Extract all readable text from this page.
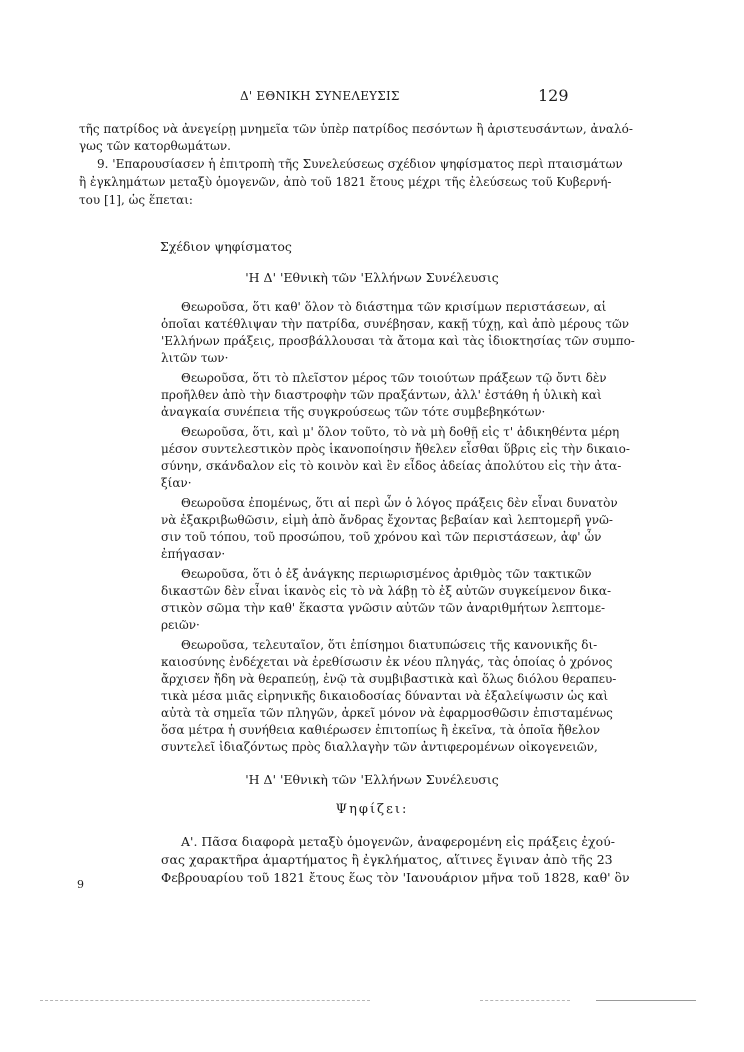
Δ' ΕΘΝΙΚΗ ΣΥΝΕΛΕΥΣΙΣ	129
τῆς πατρίδος νὰ ἀνεγείρῃ μνημεῖα τῶν ὑπὲρ πατρίδος πεσόντων ἢ ἀριστευσάντων, ἀναλό-
γως τῶν κατορθωμάτων.
9. 'Επαρουσίασεν ἡ ἐπιτροπὴ τῆς Συνελεύσεως σχέδιον ψηφίσματος περὶ πταισμάτων
ἢ ἐγκλημάτων μεταξὺ ὁμογενῶν, ἀπὸ τοῦ 1821 ἔτους μέχρι τῆς ἐλεύσεως τοῦ Κυβερνή-
του [1], ὡς ἕπεται:
Σχέδιον ψηφίσματος
'Η Δ' 'Εθνικὴ τῶν 'Ελλήνων Συνέλευσις
Θεωροῦσα, ὅτι καθ' ὅλον τὸ διάστημα τῶν κρισίμων περιστάσεων, αἱ
ὁποῖαι κατέθλιψαν τὴν πατρίδα, συνέβησαν, κακῇ τύχῃ, καὶ ἀπὸ μέρους τῶν
'Ελλήνων πράξεις, προσβάλλουσαι τὰ ἄτομα καὶ τὰς ἰδιοκτησίας τῶν συμπο-
λιτῶν των·
Θεωροῦσα, ὅτι τὸ πλεῖστον μέρος τῶν τοιούτων πράξεων τῷ ὄντι δὲν
προῆλθεν ἀπὸ τὴν διαστροφὴν τῶν πραξάντων, ἀλλ' ἐστάθη ἡ ὑλικὴ καὶ
ἀναγκαία συνέπεια τῆς συγκρούσεως τῶν τότε συμβεβηκότων·
Θεωροῦσα, ὅτι, καὶ μ' ὅλον τοῦτο, τὸ νὰ μὴ δοθῇ εἰς τ' ἀδικηθέντα μέρη
μέσον συντελεστικὸν πρὸς ἱκανοποίησιν ἤθελεν εἶσθαι ὕβρις εἰς τὴν δικαιο-
σύνην, σκάνδαλον εἰς τὸ κοινὸν καὶ ἓν εἶδος ἀδείας ἀπολύτου εἰς τὴν ἀτα-
ξίαν·
Θεωροῦσα ἐπομένως, ὅτι αἱ περὶ ὧν ὁ λόγος πράξεις δὲν εἶναι δυνατὸν
νὰ ἐξακριβωθῶσιν, εἰμὴ ἀπὸ ἄνδρας ἔχοντας βεβαίαν καὶ λεπτομερῆ γνῶ-
σιν τοῦ τόπου, τοῦ προσώπου, τοῦ χρόνου καὶ τῶν περιστάσεων, ἀφ' ὧν
ἐπήγασαν·
Θεωροῦσα, ὅτι ὁ ἐξ ἀνάγκης περιωρισμένος ἀριθμὸς τῶν τακτικῶν
δικαστῶν δὲν εἶναι ἱκανὸς εἰς τὸ νὰ λάβῃ τὸ ἐξ αὐτῶν συγκείμενον δικα-
στικὸν σῶμα τὴν καθ' ἕκαστα γνῶσιν αὐτῶν τῶν ἀναριθμήτων λεπτομε-
ρειῶν·
Θεωροῦσα, τελευταῖον, ὅτι ἐπίσημοι διατυπώσεις τῆς κανονικῆς δι-
καιοσύνης ἐνδέχεται νὰ ἐρεθίσωσιν ἐκ νέου πληγάς, τὰς ὁποίας ὁ χρόνος
ἄρχισεν ἤδη νὰ θεραπεύῃ, ἐνῷ τὰ συμβιβαστικὰ καὶ ὅλως διόλου θεραπευ-
τικὰ μέσα μιᾶς εἰρηνικῆς δικαιοδοσίας δύνανται νὰ ἐξαλείψωσιν ὡς καὶ
αὐτὰ τὰ σημεῖα τῶν πληγῶν, ἀρκεῖ μόνον νὰ ἐφαρμοσθῶσιν ἐπισταμένως
ὅσα μέτρα ἡ συνήθεια καθιέρωσεν ἐπιτοπίως ἢ ἐκεῖνα, τὰ ὁποῖα ἤθελον
συντελεῖ ἰδιαζόντως πρὸς διαλλαγὴν τῶν ἀντιφερομένων οἰκογενειῶν,
'Η Δ' 'Εθνικὴ τῶν 'Ελλήνων Συνέλευσις
Ψηφίζει:
Α'. Πᾶσα διαφορὰ μεταξὺ ὁμογενῶν, ἀναφερομένη εἰς πράξεις ἐχού-
σας χαρακτῆρα ἁμαρτήματος ἢ ἐγκλήματος, αἵτινες ἔγιναν ἀπὸ τῆς 23
Φεβρουαρίου τοῦ 1821 ἔτους ἕως τὸν 'Ιανουάριον μῆνα τοῦ 1828, καθ' ὃν
9
